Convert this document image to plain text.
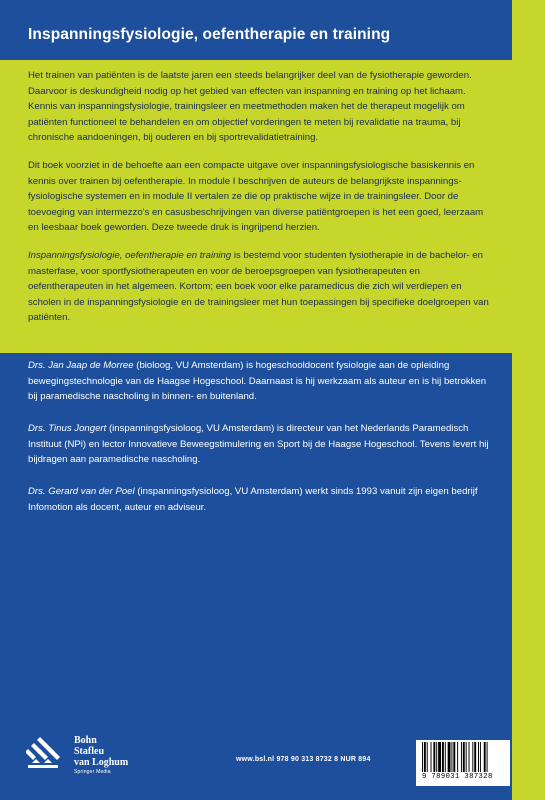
Inspanningsfysiologie, oefentherapie en training

Het trainen van patiënten is de laatste jaren een steeds belangrijker deel van de fysiotherapie geworden. Daarvoor is deskundigheid nodig op het gebied van effecten van inspanning en training op het lichaam. Kennis van inspanningsfysiologie, trainingsleer en meetmethoden maken het de therapeut mogelijk om patiënten functioneel te behandelen en om objectief vorderingen te meten bij revalidatie na trauma, bij chronische aandoeningen, bij ouderen en bij sportrevalidatietraining.

Dit boek voorziet in de behoefte aan een compacte uitgave over inspanningsfysiologische basiskennis en kennis over trainen bij oefentherapie. In module I beschrijven de auteurs de belangrijkste inspannings-fysiologische systemen en in module II vertalen ze die op praktische wijze in de trainingsleer. Door de toevoeging van intermezzo's en casusbeschrijvingen van diverse patiëntgroepen is het een goed, leerzaam en leesbaar boek geworden. Deze tweede druk is ingrijpend herzien.

Inspanningsfysiologie, oefentherapie en training is bestemd voor studenten fysiotherapie in de bachelor- en masterfase, voor sportfysiotherapeuten en voor de beroepsgroepen van fysiotherapeuten en oefentherapeuten in het algemeen. Kortom; een boek voor elke paramedicus die zich wil verdiepen en scholen in de inspanningsfysiologie en de trainingsleer met hun toepassingen bij specifieke doelgroepen van patiënten.

Drs. Jan Jaap de Morree (bioloog, VU Amsterdam) is hogeschooldocent fysiologie aan de opleiding bewegingstechnologie van de Haagse Hogeschool. Daarnaast is hij werkzaam als auteur en is hij betrokken bij paramedische nascholing in binnen- en buitenland.

Drs. Tinus Jongert (inspanningsfysioloog, VU Amsterdam) is directeur van het Nederlands Paramedisch Instituut (NPi) en lector Innovatieve Beweegstimulering en Sport bij de Haagse Hogeschool. Tevens levert hij bijdragen aan paramedische nascholing.

Drs. Gerard van der Poel (inspanningsfysioloog, VU Amsterdam) werkt sinds 1993 vanuit zijn eigen bedrijf Infomotion als docent, auteur en adviseur.

Bohn
Stafleu
van Loghum
Springer Media
www.bsl.nl 978 90 313 8732 8 NUR 894
9 789031 387328
